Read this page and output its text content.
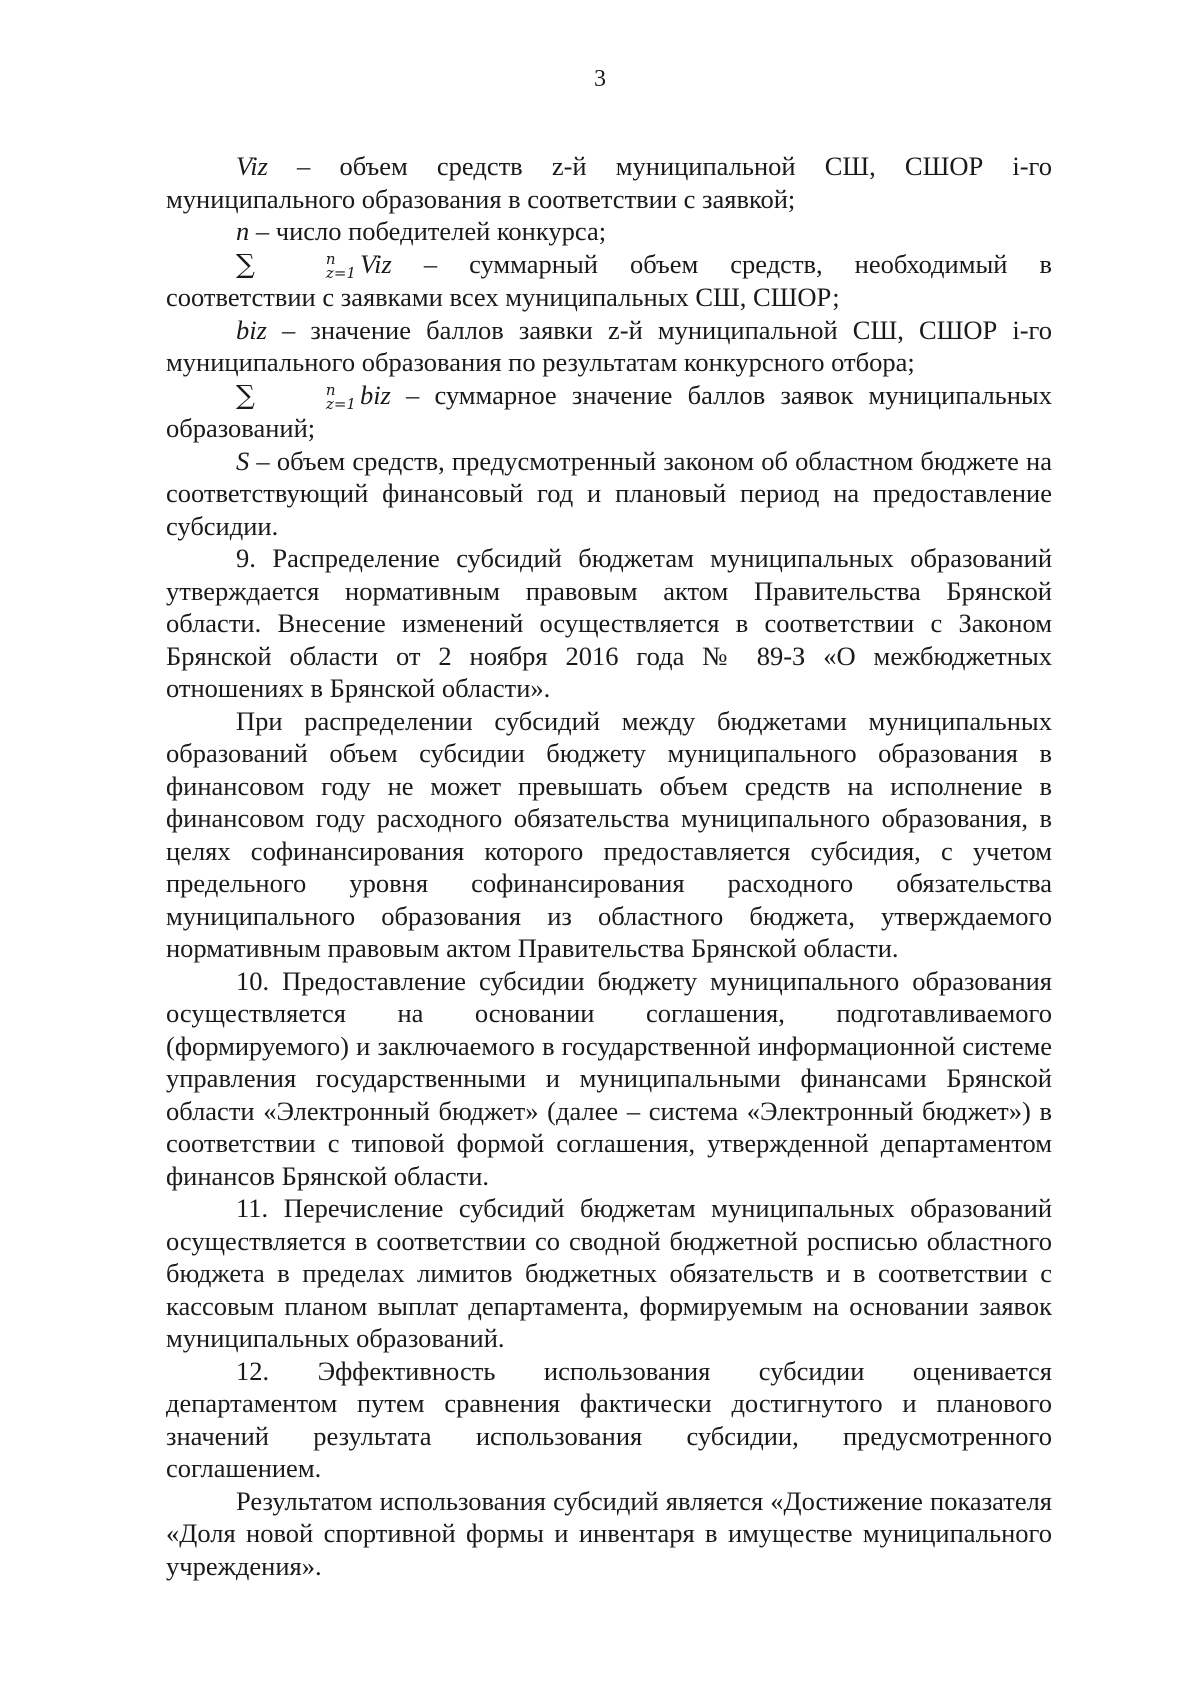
3

Viz – объем средств z-й муниципальной СШ, СШОР i-го муниципального образования в соответствии с заявкой;

n – число победителей конкурса;

∑	n
z=1 Viz – суммарный объем средств, необходимый в соответствии с заявками всех муниципальных СШ, СШОР;

biz – значение баллов заявки z-й муниципальной СШ, СШОР i-го муниципального образования по результатам конкурсного отбора;

∑	n
z=1 biz – суммарное значение баллов заявок муниципальных образований;

S – объем средств, предусмотренный законом об областном бюджете на соответствующий финансовый год и плановый период на предоставление субсидии.

9. Распределение субсидий бюджетам муниципальных образований утверждается нормативным правовым актом Правительства Брянской области. Внесение изменений осуществляется в соответствии с Законом Брянской области от 2 ноября 2016 года № 89-З «О межбюджетных отношениях в Брянской области».

При распределении субсидий между бюджетами муниципальных образований объем субсидии бюджету муниципального образования в финансовом году не может превышать объем средств на исполнение в финансовом году расходного обязательства муниципального образования, в целях софинансирования которого предоставляется субсидия, с учетом предельного уровня софинансирования расходного обязательства муниципального образования из областного бюджета, утверждаемого нормативным правовым актом Правительства Брянской области.

10. Предоставление субсидии бюджету муниципального образования осуществляется на основании соглашения, подготавливаемого (формируемого) и заключаемого в государственной информационной системе управления государственными и муниципальными финансами Брянской области «Электронный бюджет» (далее – система «Электронный бюджет») в соответствии с типовой формой соглашения, утвержденной департаментом финансов Брянской области.

11. Перечисление субсидий бюджетам муниципальных образований осуществляется в соответствии со сводной бюджетной росписью областного бюджета в пределах лимитов бюджетных обязательств и в соответствии с кассовым планом выплат департамента, формируемым на основании заявок муниципальных образований.

12. Эффективность использования субсидии оценивается департаментом путем сравнения фактически достигнутого и планового значений результата использования субсидии, предусмотренного соглашением.

Результатом использования субсидий является «Достижение показателя «Доля новой спортивной формы и инвентаря в имуществе муниципального учреждения».
